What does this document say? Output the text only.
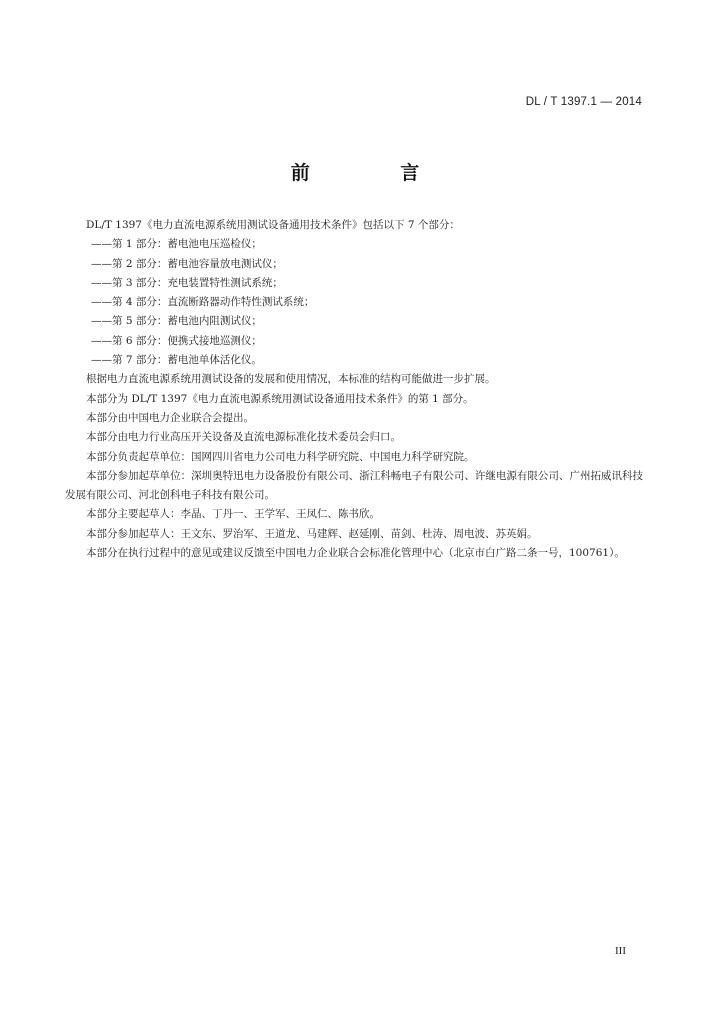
DL / T 1397.1 — 2014
前 言

DL/T 1397《电力直流电源系统用测试设备通用技术条件》包括以下 7 个部分：

——第 1 部分：蓄电池电压巡检仪；

——第 2 部分：蓄电池容量放电测试仪；

——第 3 部分：充电装置特性测试系统；

——第 4 部分：直流断路器动作特性测试系统；

——第 5 部分：蓄电池内阻测试仪；

——第 6 部分：便携式接地巡测仪；

——第 7 部分：蓄电池单体活化仪。

根据电力直流电源系统用测试设备的发展和使用情况，本标准的结构可能做进一步扩展。

本部分为 DL/T 1397《电力直流电源系统用测试设备通用技术条件》的第 1 部分。

本部分由中国电力企业联合会提出。

本部分由电力行业高压开关设备及直流电源标准化技术委员会归口。

本部分负责起草单位：国网四川省电力公司电力科学研究院、中国电力科学研究院。

本部分参加起草单位：深圳奥特迅电力设备股份有限公司、浙江科畅电子有限公司、许继电源有限公司、广州拓威讯科技发展有限公司、河北创科电子科技有限公司。

本部分主要起草人：李晶、丁丹一、王学军、王凤仁、陈书欣。

本部分参加起草人：王文东、罗治军、王道龙、马建辉、赵延刚、苗剑、杜涛、周电波、苏英娟。

本部分在执行过程中的意见或建议反馈至中国电力企业联合会标准化管理中心（北京市白广路二条一号，100761）。

III
